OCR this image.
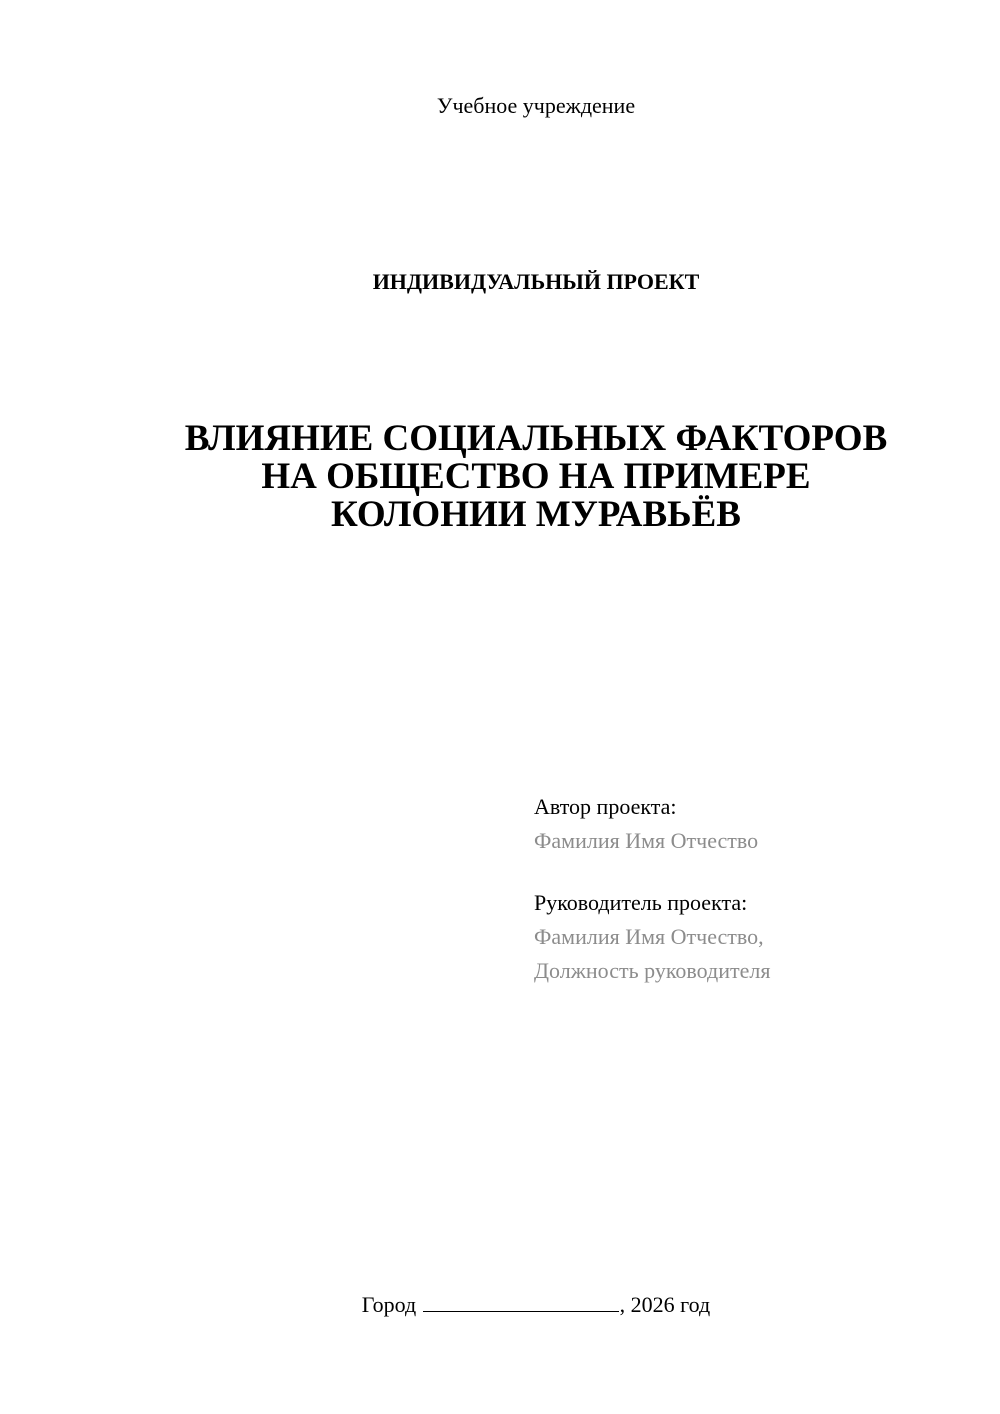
Учебное учреждение
ИНДИВИДУАЛЬНЫЙ ПРОЕКТ
ВЛИЯНИЕ СОЦИАЛЬНЫХ ФАКТОРОВ
НА ОБЩЕСТВО НА ПРИМЕРЕ
КОЛОНИИ МУРАВЬЁВ
Автор проекта:
Фамилия Имя Отчество
Руководитель проекта:
Фамилия Имя Отчество,
Должность руководителя
Город	, 2026 год
